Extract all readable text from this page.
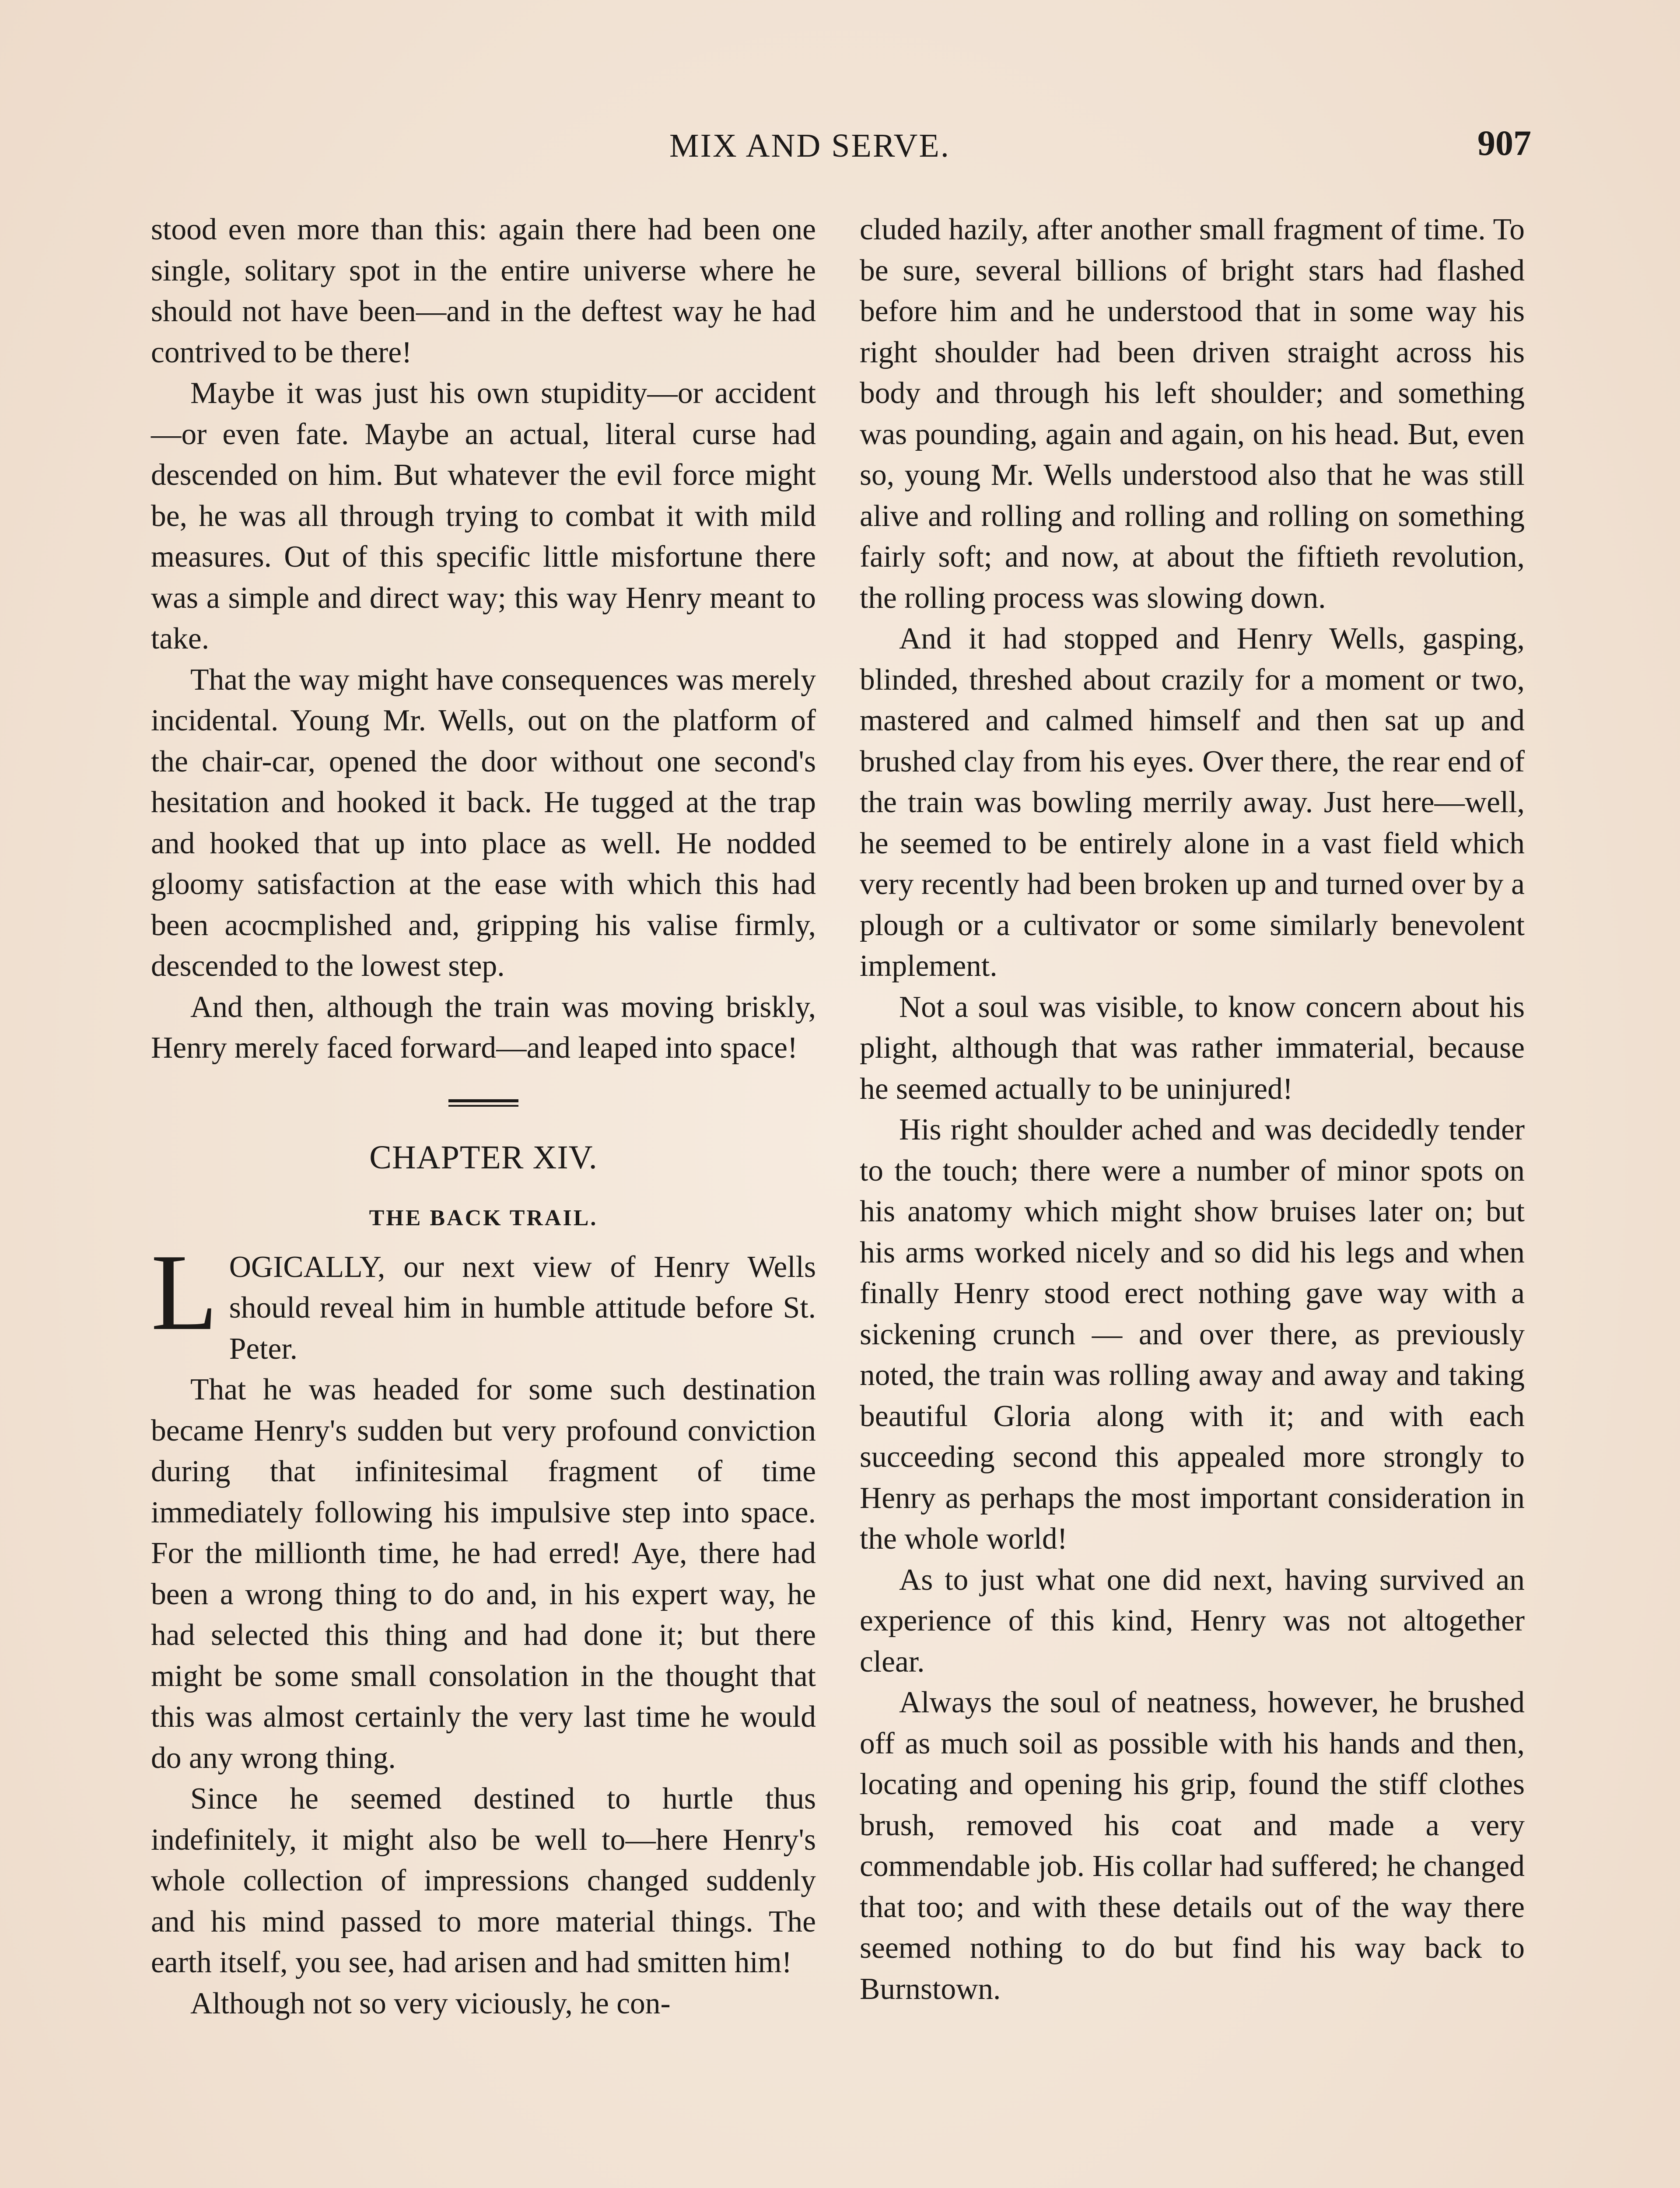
MIX AND SERVE.	907

stood even more than this: again there had been one single, solitary spot in the entire universe where he should not have been—and in the deftest way he had contrived to be there!

Maybe it was just his own stupidity—or accident—or even fate. Maybe an actual, literal curse had descended on him. But whatever the evil force might be, he was all through trying to combat it with mild measures. Out of this specific little misfortune there was a simple and direct way; this way Henry meant to take.

That the way might have consequences was merely incidental. Young Mr. Wells, out on the platform of the chair-car, opened the door without one second's hesitation and hooked it back. He tugged at the trap and hooked that up into place as well. He nodded gloomy satisfaction at the ease with which this had been acocmplished and, gripping his valise firmly, descended to the lowest step.

And then, although the train was moving briskly, Henry merely faced forward—and leaped into space!

CHAPTER XIV.
THE BACK TRAIL.

LOGICALLY, our next view of Henry Wells should reveal him in humble attitude before St. Peter.

That he was headed for some such destination became Henry's sudden but very profound conviction during that infinitesimal fragment of time immediately following his impulsive step into space. For the millionth time, he had erred! Aye, there had been a wrong thing to do and, in his expert way, he had selected this thing and had done it; but there might be some small consolation in the thought that this was almost certainly the very last time he would do any wrong thing.

Since he seemed destined to hurtle thus indefinitely, it might also be well to—here Henry's whole collection of impressions changed suddenly and his mind passed to more material things. The earth itself, you see, had arisen and had smitten him!

Although not so very viciously, he con-

cluded hazily, after another small fragment of time. To be sure, several billions of bright stars had flashed before him and he understood that in some way his right shoulder had been driven straight across his body and through his left shoulder; and something was pounding, again and again, on his head. But, even so, young Mr. Wells understood also that he was still alive and rolling and rolling and rolling on something fairly soft; and now, at about the fiftieth revolution, the rolling process was slowing down.

And it had stopped and Henry Wells, gasping, blinded, threshed about crazily for a moment or two, mastered and calmed himself and then sat up and brushed clay from his eyes. Over there, the rear end of the train was bowling merrily away. Just here—well, he seemed to be entirely alone in a vast field which very recently had been broken up and turned over by a plough or a cultivator or some similarly benevolent implement.

Not a soul was visible, to know concern about his plight, although that was rather immaterial, because he seemed actually to be uninjured!

His right shoulder ached and was decidedly tender to the touch; there were a number of minor spots on his anatomy which might show bruises later on; but his arms worked nicely and so did his legs and when finally Henry stood erect nothing gave way with a sickening crunch — and over there, as previously noted, the train was rolling away and away and taking beautiful Gloria along with it; and with each succeeding second this appealed more strongly to Henry as perhaps the most important consideration in the whole world!

As to just what one did next, having survived an experience of this kind, Henry was not altogether clear.

Always the soul of neatness, however, he brushed off as much soil as possible with his hands and then, locating and opening his grip, found the stiff clothes brush, removed his coat and made a very commendable job. His collar had suffered; he changed that too; and with these details out of the way there seemed nothing to do but find his way back to Burnstown.
